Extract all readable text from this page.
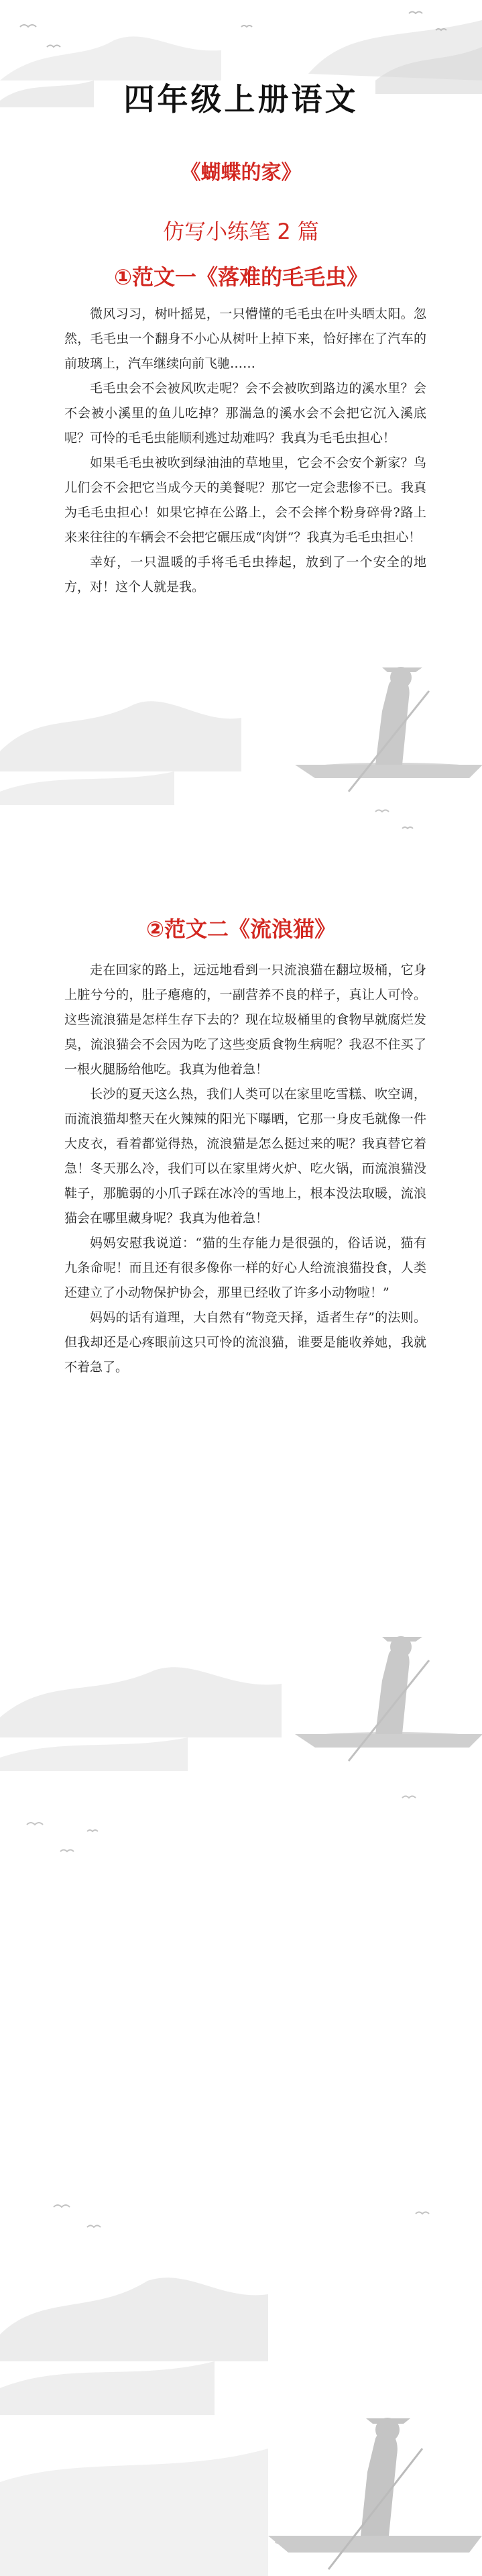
四年级上册语文
《蝴蝶的家》
仿写小练笔 2 篇
①范文一《落难的毛毛虫》

微风习习，树叶摇晃，一只懵懂的毛毛虫在叶头晒太阳。忽然，毛毛虫一个翻身不小心从树叶上掉下来，恰好摔在了汽车的前玻璃上，汽车继续向前飞驰……

毛毛虫会不会被风吹走呢？会不会被吹到路边的溪水里？会不会被小溪里的鱼儿吃掉？那湍急的溪水会不会把它沉入溪底呢？可怜的毛毛虫能顺利逃过劫难吗？我真为毛毛虫担心！

如果毛毛虫被吹到绿油油的草地里，它会不会安个新家？鸟儿们会不会把它当成今天的美餐呢？那它一定会悲惨不已。我真为毛毛虫担心！如果它掉在公路上，会不会摔个粉身碎骨?路上来来往往的车辆会不会把它碾压成“肉饼”？我真为毛毛虫担心！

幸好，一只温暖的手将毛毛虫捧起，放到了一个安全的地方，对！这个人就是我。

②范文二《流浪猫》

走在回家的路上，远远地看到一只流浪猫在翻垃圾桶，它身上脏兮兮的，肚子瘪瘪的，一副营养不良的样子，真让人可怜。这些流浪猫是怎样生存下去的？现在垃圾桶里的食物早就腐烂发臭，流浪猫会不会因为吃了这些变质食物生病呢？我忍不住买了一根火腿肠给他吃。我真为他着急！

长沙的夏天这么热，我们人类可以在家里吃雪糕、吹空调，而流浪猫却整天在火辣辣的阳光下曝晒，它那一身皮毛就像一件大皮衣，看着都觉得热，流浪猫是怎么挺过来的呢？我真替它着急！冬天那么冷，我们可以在家里烤火炉、吃火锅，而流浪猫没鞋子，那脆弱的小爪子踩在冰冷的雪地上，根本没法取暖，流浪猫会在哪里藏身呢？我真为他着急！

妈妈安慰我说道：“猫的生存能力是很强的，俗话说，猫有九条命呢！而且还有很多像你一样的好心人给流浪猫投食，人类还建立了小动物保护协会，那里已经收了许多小动物啦！”

妈妈的话有道理，大自然有“物竞天择，适者生存”的法则。但我却还是心疼眼前这只可怜的流浪猫，谁要是能收养她，我就不着急了。
